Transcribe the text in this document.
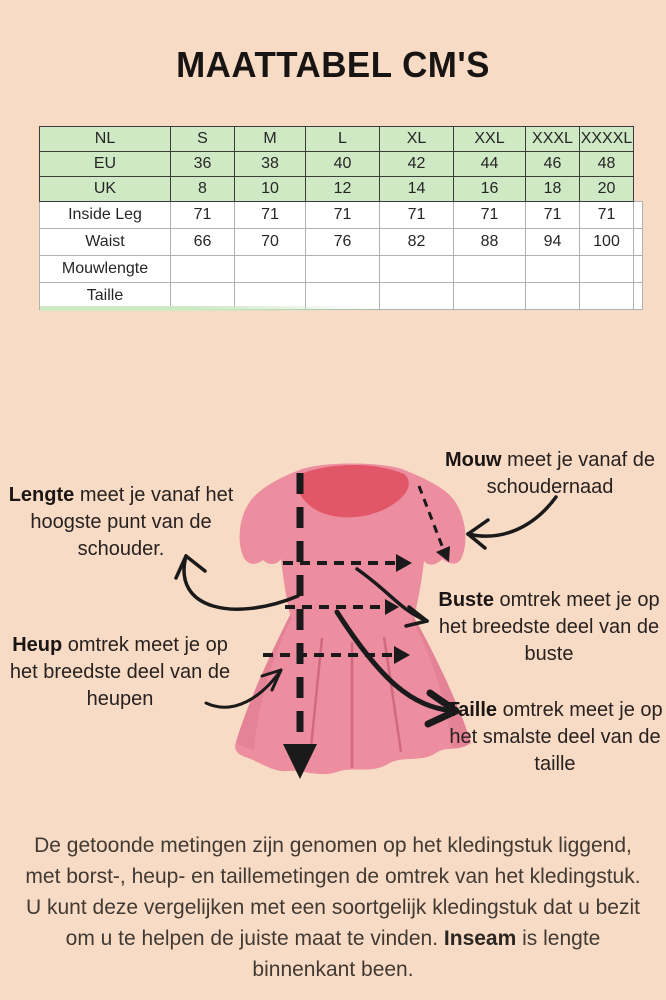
MAATTABEL CM'S
NL	S	M	L	XL	XXL	XXXL	XXXXL	
EU	36	38	40	42	44	46	48	
UK	8	10	12	14	16	18	20	
Inside Leg	71	71	71	71	71	71	71	
Waist	66	70	76	82	88	94	100	
Mouwlengte								
Taille								
Lengte meet je vanaf het hoogste punt van de schouder.
Mouw meet je vanaf de schoudernaad
Buste omtrek meet je op het breedste deel van de buste
Heup omtrek meet je op het breedste deel van de heupen	Taille omtrek meet je op het smalste deel van de taille
De getoonde metingen zijn genomen op het kledingstuk liggend, met borst-, heup- en taillemetingen de omtrek van het kledingstuk. U kunt deze vergelijken met een soortgelijk kledingstuk dat u bezit om u te helpen de juiste maat te vinden. Inseam is lengte binnenkant been.
